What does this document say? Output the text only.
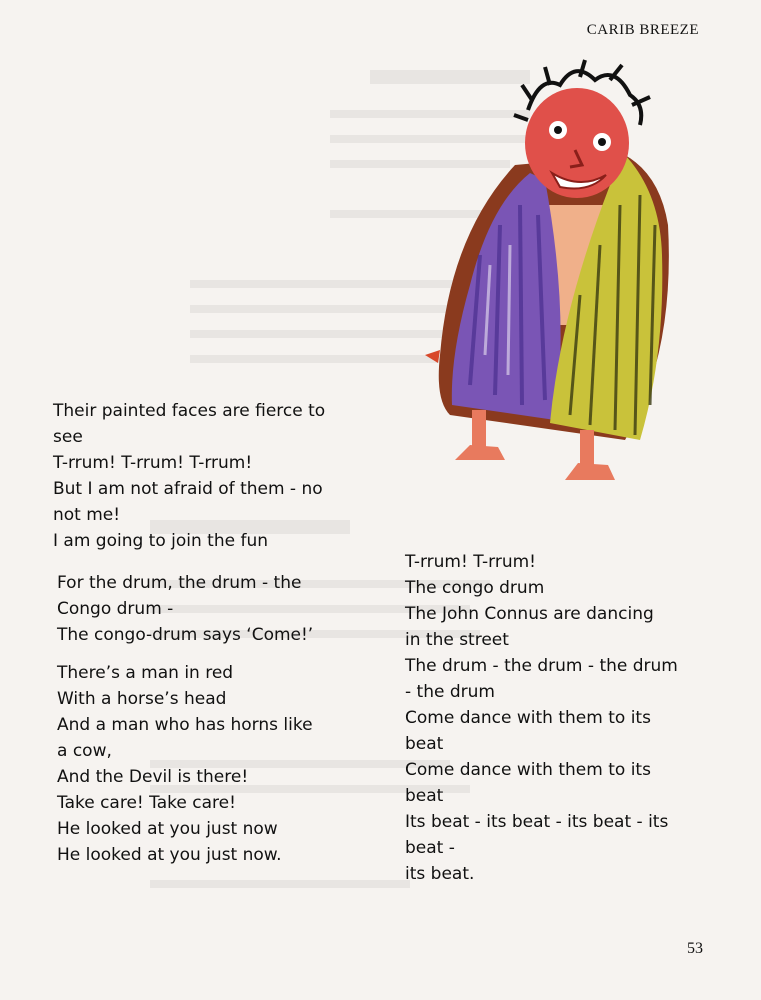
CARIB BREEZE
Their painted faces are fierce to
see
T-rrum! T-rrum! T-rrum!
But I am not afraid of them - no
not me!
I am going to join the fun
For the drum, the drum - the
Congo drum -
The congo-drum says ‘Come!’
There’s a man in red
With a horse’s head
And a man who has horns like
a cow,
And the Devil is there!
Take care! Take care!
He looked at you just now
He looked at you just now.
T-rrum! T-rrum!
The congo drum
The John Connus are dancing
in the street
The drum - the drum - the drum
- the drum
Come dance with them to its
beat
Come dance with them to its
beat
Its beat - its beat - its beat - its
beat -
its beat.
53
